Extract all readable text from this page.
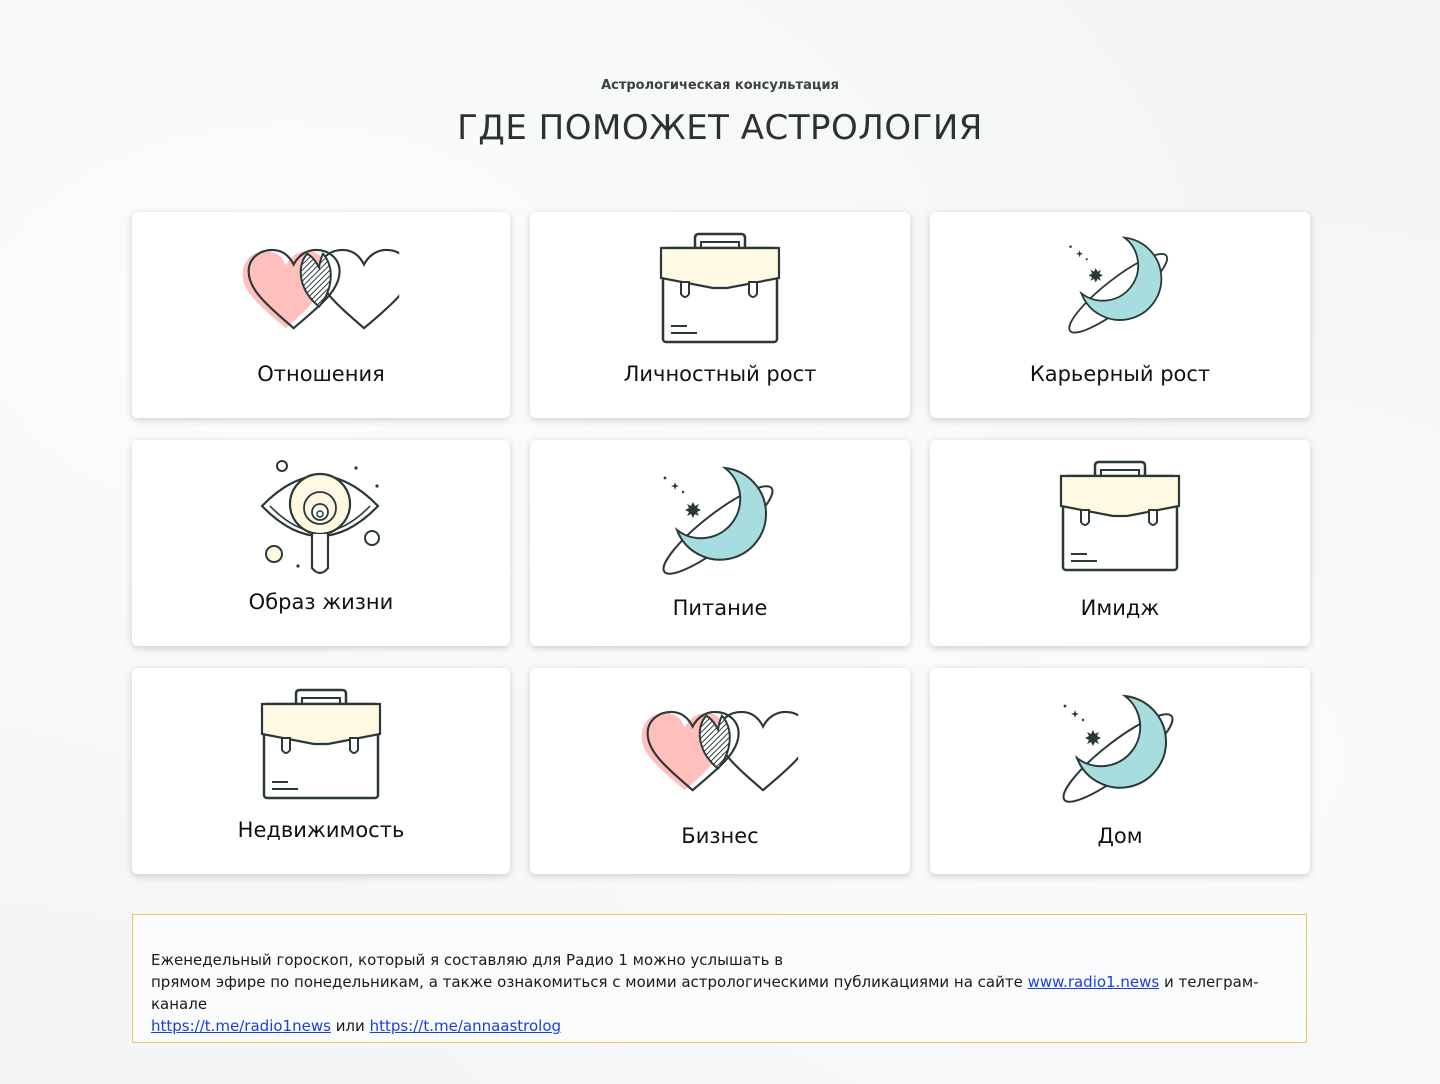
Астрологическая консультация
ГДЕ ПОМОЖЕТ АСТРОЛОГИЯ
Отношения	Личностный рост	Карьерный рост
Образ жизни	Питание	Имидж
Недвижимость	Бизнес	Дом
Еженедельный гороскоп, который я составляю для Радио 1 можно услышать в
прямом эфире по понедельникам, а также ознакомиться с моими астрологическими публикациями на сайте www.radio1.news и телеграм-канале
https://t.me/radio1news или https://t.me/annaastrolog
